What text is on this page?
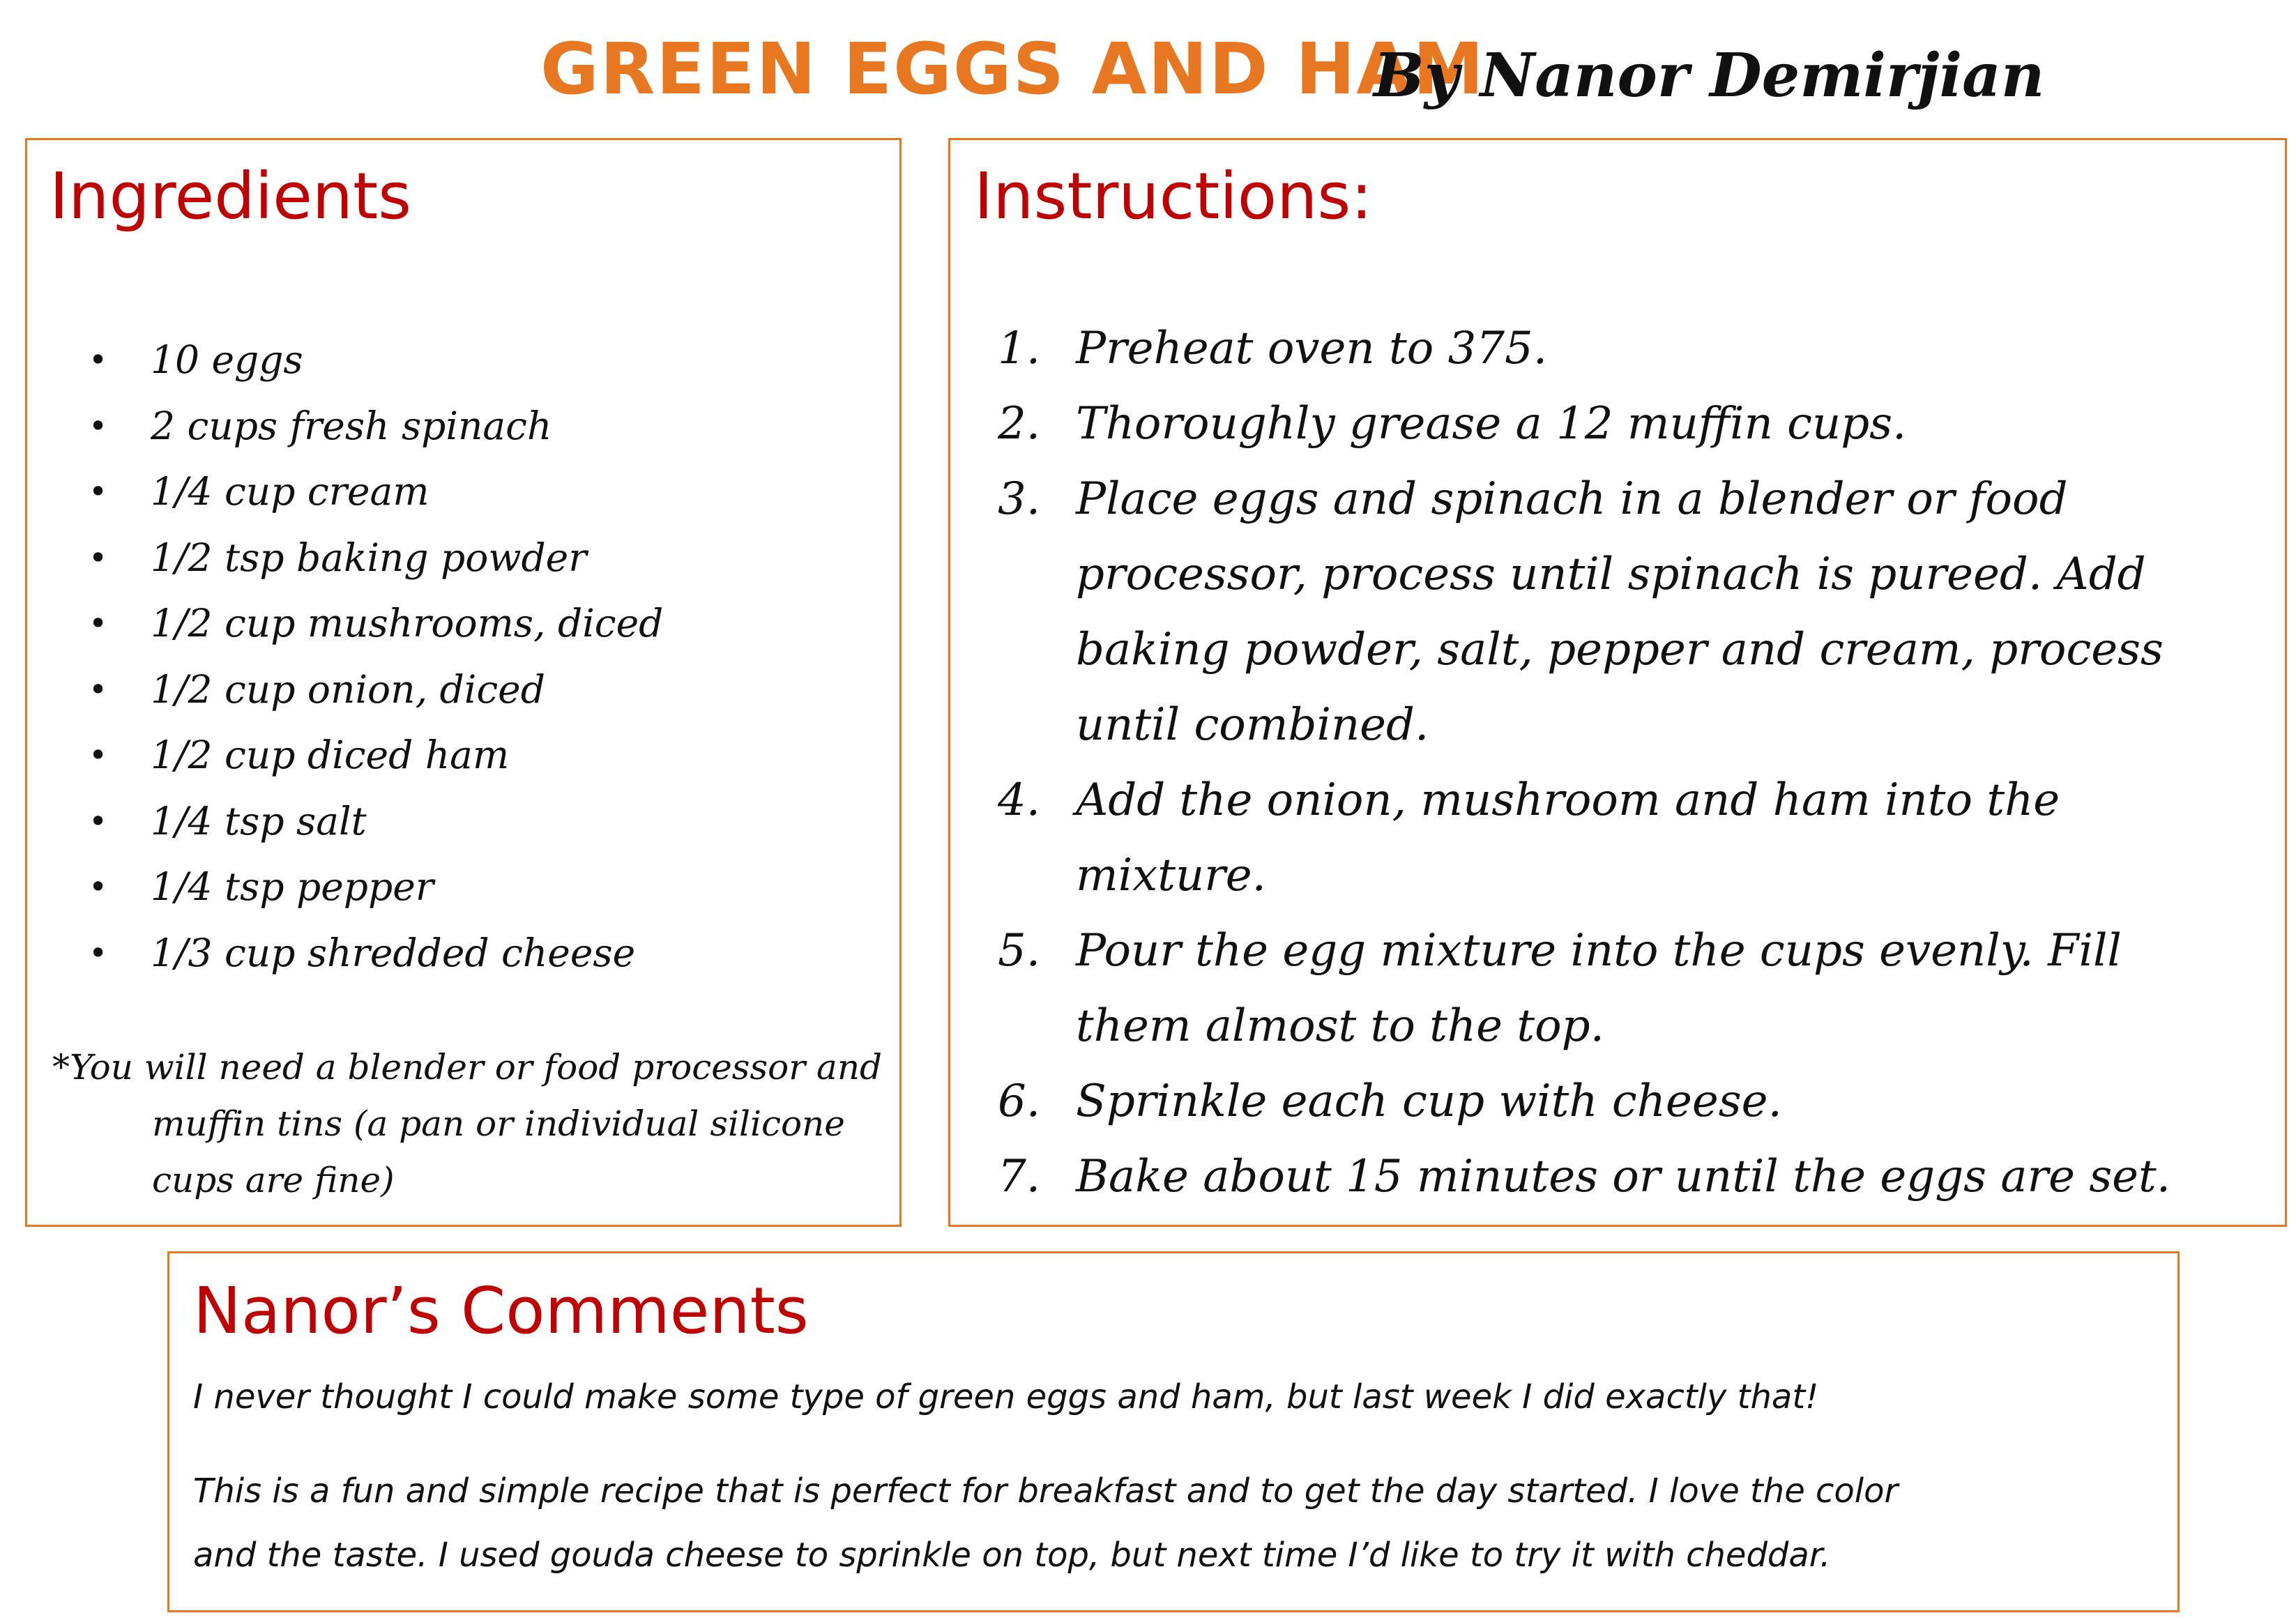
GREEN EGGS AND HAM
By Nanor Demirjian
Ingredients
• 10 eggs
• 2 cups fresh spinach
• 1/4 cup cream
• 1/2 tsp baking powder
• 1/2 cup mushrooms, diced
• 1/2 cup onion, diced
• 1/2 cup diced ham
• 1/4 tsp salt
• 1/4 tsp pepper
• 1/3 cup shredded cheese
*You will need a blender or food processor and
muffin tins (a pan or individual silicone cups are fine)
Instructions:
1. Preheat oven to 375.
2. Thoroughly grease a 12 muffin cups.
3. Place eggs and spinach in a blender or food processor, process until spinach is pureed. Add baking powder, salt, pepper and cream, process until combined.
4. Add the onion, mushroom and ham into the mixture.
5. Pour the egg mixture into the cups evenly. Fill them almost to the top.
6. Sprinkle each cup with cheese.
7. Bake about 15 minutes or until the eggs are set.
Nanor’s Comments
I never thought I could make some type of green eggs and ham, but last week I did exactly that!
This is a fun and simple recipe that is perfect for breakfast and to get the day started. I love the color
and the taste. I used gouda cheese to sprinkle on top, but next time I’d like to try it with cheddar.
